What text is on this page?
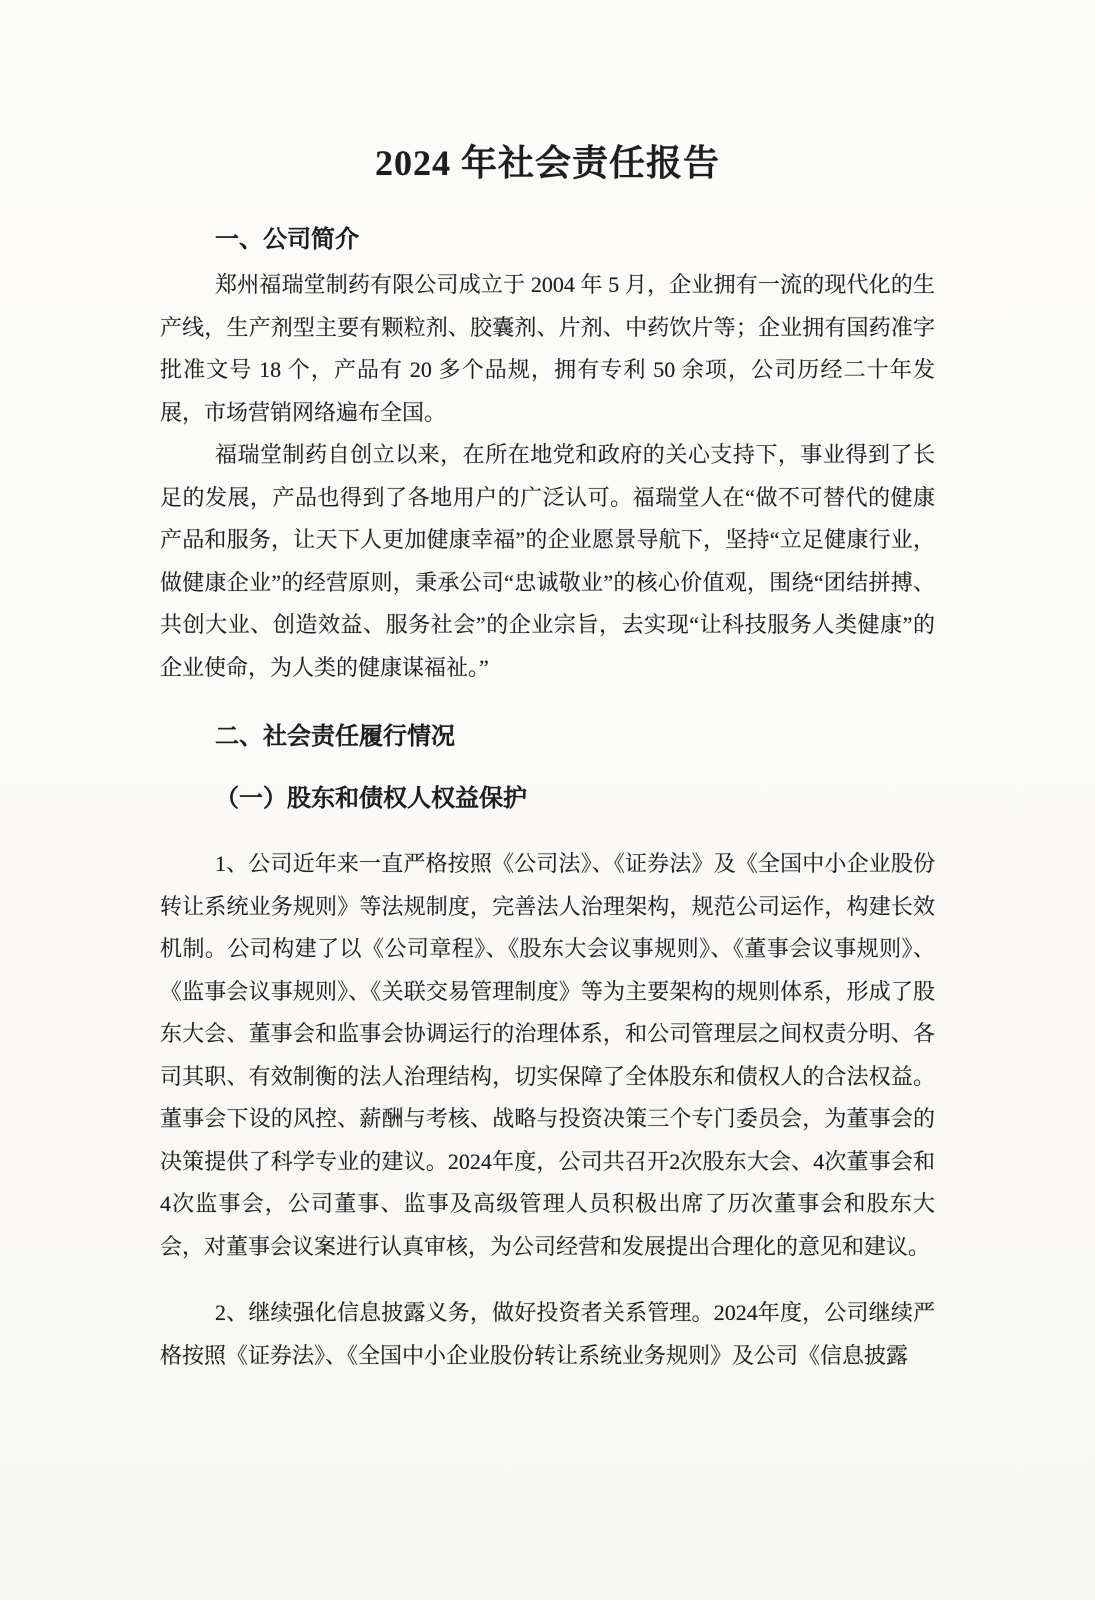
2024 年社会责任报告
一、公司简介

郑州福瑞堂制药有限公司成立于 2004 年 5 月，企业拥有一流的现代化的生产线，生产剂型主要有颗粒剂、胶囊剂、片剂、中药饮片等；企业拥有国药准字批准文号 18 个，产品有 20 多个品规，拥有专利 50 余项，公司历经二十年发展，市场营销网络遍布全国。

福瑞堂制药自创立以来，在所在地党和政府的关心支持下，事业得到了长足的发展，产品也得到了各地用户的广泛认可。福瑞堂人在“做不可替代的健康产品和服务，让天下人更加健康幸福”的企业愿景导航下，坚持“立足健康行业，做健康企业”的经营原则，秉承公司“忠诚敬业”的核心价值观，围绕“团结拼搏、共创大业、创造效益、服务社会”的企业宗旨，去实现“让科技服务人类健康”的企业使命，为人类的健康谋福祉。”

二、社会责任履行情况
（一）股东和债权人权益保护

1、公司近年来一直严格按照《公司法》、《证券法》及《全国中小企业股份转让系统业务规则》等法规制度，完善法人治理架构，规范公司运作，构建长效机制。公司构建了以《公司章程》、《股东大会议事规则》、《董事会议事规则》、《监事会议事规则》、《关联交易管理制度》等为主要架构的规则体系，形成了股东大会、董事会和监事会协调运行的治理体系，和公司管理层之间权责分明、各司其职、有效制衡的法人治理结构，切实保障了全体股东和债权人的合法权益。董事会下设的风控、薪酬与考核、战略与投资决策三个专门委员会，为董事会的决策提供了科学专业的建议。2024年度，公司共召开2次股东大会、4次董事会和4次监事会，公司董事、监事及高级管理人员积极出席了历次董事会和股东大会，对董事会议案进行认真审核，为公司经营和发展提出合理化的意见和建议。

2、继续强化信息披露义务，做好投资者关系管理。2024年度，公司继续严格按照《证券法》、《全国中小企业股份转让系统业务规则》及公司《信息披露
